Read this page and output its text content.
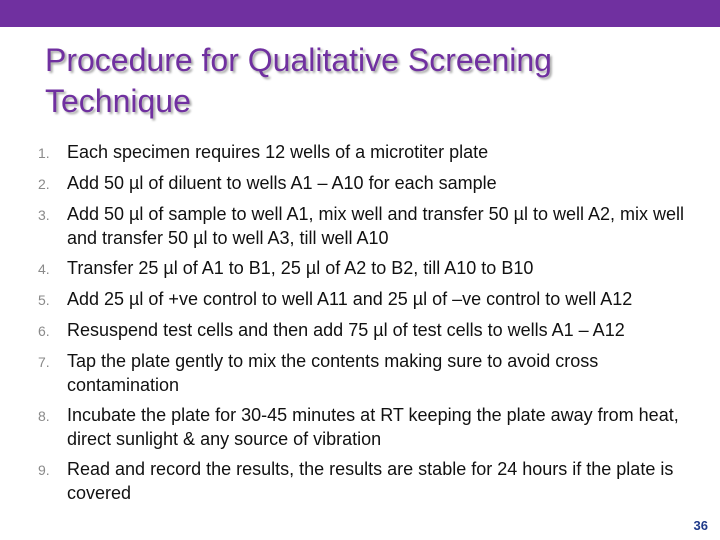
Procedure for Qualitative Screening Technique
1. Each specimen requires 12 wells of a microtiter plate
2. Add 50 µl of diluent to wells A1 – A10 for each sample
3. Add 50 µl of sample to well A1, mix well and transfer 50 µl to well A2, mix well and transfer 50 µl to well A3, till well A10
4. Transfer 25 µl of A1 to B1, 25 µl of A2 to B2, till A10 to B10
5. Add 25 µl of +ve control to well A11 and 25 µl of –ve control to well A12
6. Resuspend test cells and then add 75 µl of test cells to wells A1 – A12
7. Tap the plate gently to mix the contents making sure to avoid cross contamination
8. Incubate the plate for 30-45 minutes at RT keeping the plate away from heat, direct sunlight & any source of vibration
9. Read and record the results, the results are stable for 24 hours if the plate is covered
36
